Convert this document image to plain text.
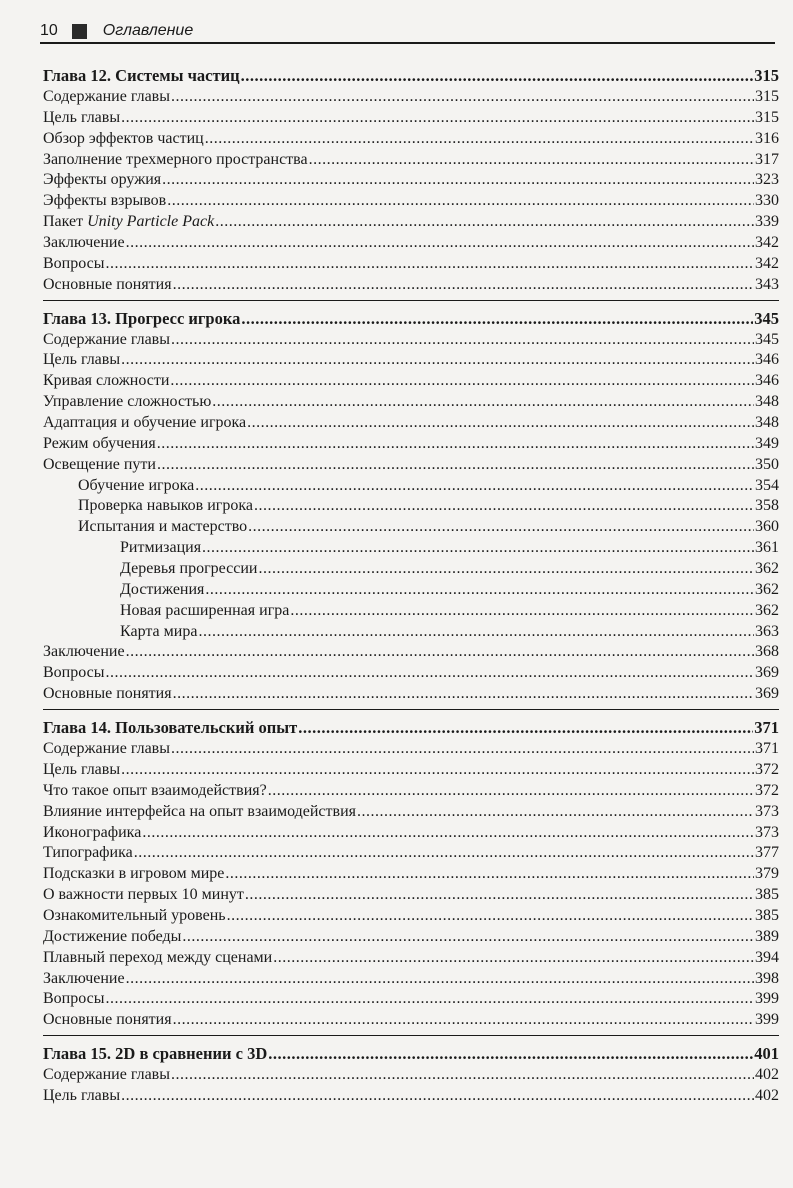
10	Оглавление
Глава 12. Системы частиц .....	315
Содержание главы .....	315
Цель главы .....	315
Обзор эффектов частиц .....	316
Заполнение трехмерного пространства .....	317
Эффекты оружия .....	323
Эффекты взрывов .....	330
Пакет Unity Particle Pack .....	339
Заключение .....	342
Вопросы .....	342
Основные понятия .....	343
Глава 13. Прогресс игрока .....	345
Содержание главы .....	345
Цель главы .....	346
Кривая сложности .....	346
Управление сложностью .....	348
Адаптация и обучение игрока .....	348
Режим обучения .....	349
Освещение пути .....	350
Обучение игрока .....	354
Проверка навыков игрока .....	358
Испытания и мастерство .....	360
Ритмизация .....	361
Деревья прогрессии .....	362
Достижения .....	362
Новая расширенная игра .....	362
Карта мира .....	363
Заключение .....	368
Вопросы .....	369
Основные понятия .....	369
Глава 14. Пользовательский опыт .....	371
Содержание главы .....	371
Цель главы .....	372
Что такое опыт взаимодействия? .....	372
Влияние интерфейса на опыт взаимодействия .....	373
Иконографика .....	373
Типографика .....	377
Подсказки в игровом мире .....	379
О важности первых 10 минут .....	385
Ознакомительный уровень .....	385
Достижение победы .....	389
Плавный переход между сценами .....	394
Заключение .....	398
Вопросы .....	399
Основные понятия .....	399
Глава 15. 2D в сравнении с 3D .....	401
Содержание главы .....	402
Цель главы .....	402
